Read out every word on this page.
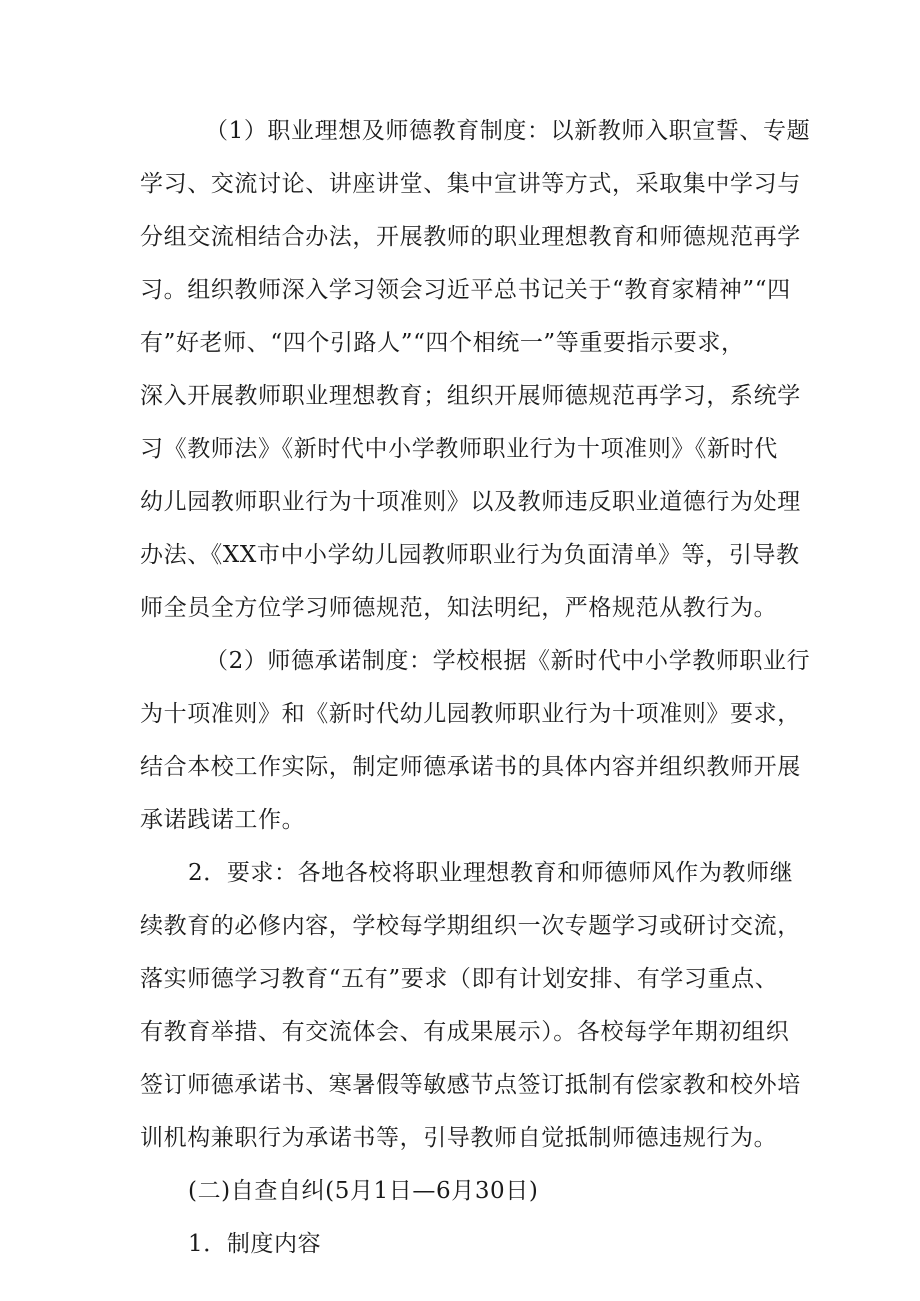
（1）职业理想及师德教育制度：以新教师入职宣誓、专题
学习、交流讨论、讲座讲堂、集中宣讲等方式，采取集中学习与
分组交流相结合办法，开展教师的职业理想教育和师德规范再学
习。组织教师深入学习领会习近平总书记关于“教育家精神”“四
有”好老师、“四个引路人”“四个相统一”等重要指示要求，
深入开展教师职业理想教育；组织开展师德规范再学习，系统学
习《教师法》《新时代中小学教师职业行为十项准则》《新时代
幼儿园教师职业行为十项准则》以及教师违反职业道德行为处理
办法、《XX市中小学幼儿园教师职业行为负面清单》等，引导教
师全员全方位学习师德规范，知法明纪，严格规范从教行为。
（2）师德承诺制度：学校根据《新时代中小学教师职业行
为十项准则》和《新时代幼儿园教师职业行为十项准则》要求，
结合本校工作实际，制定师德承诺书的具体内容并组织教师开展
承诺践诺工作。
2．要求：各地各校将职业理想教育和师德师风作为教师继
续教育的必修内容，学校每学期组织一次专题学习或研讨交流，
落实师德学习教育“五有”要求（即有计划安排、有学习重点、
有教育举措、有交流体会、有成果展示）。各校每学年期初组织
签订师德承诺书、寒暑假等敏感节点签订抵制有偿家教和校外培
训机构兼职行为承诺书等，引导教师自觉抵制师德违规行为。
(二)自查自纠(5月1日—6月30日)
1．制度内容
